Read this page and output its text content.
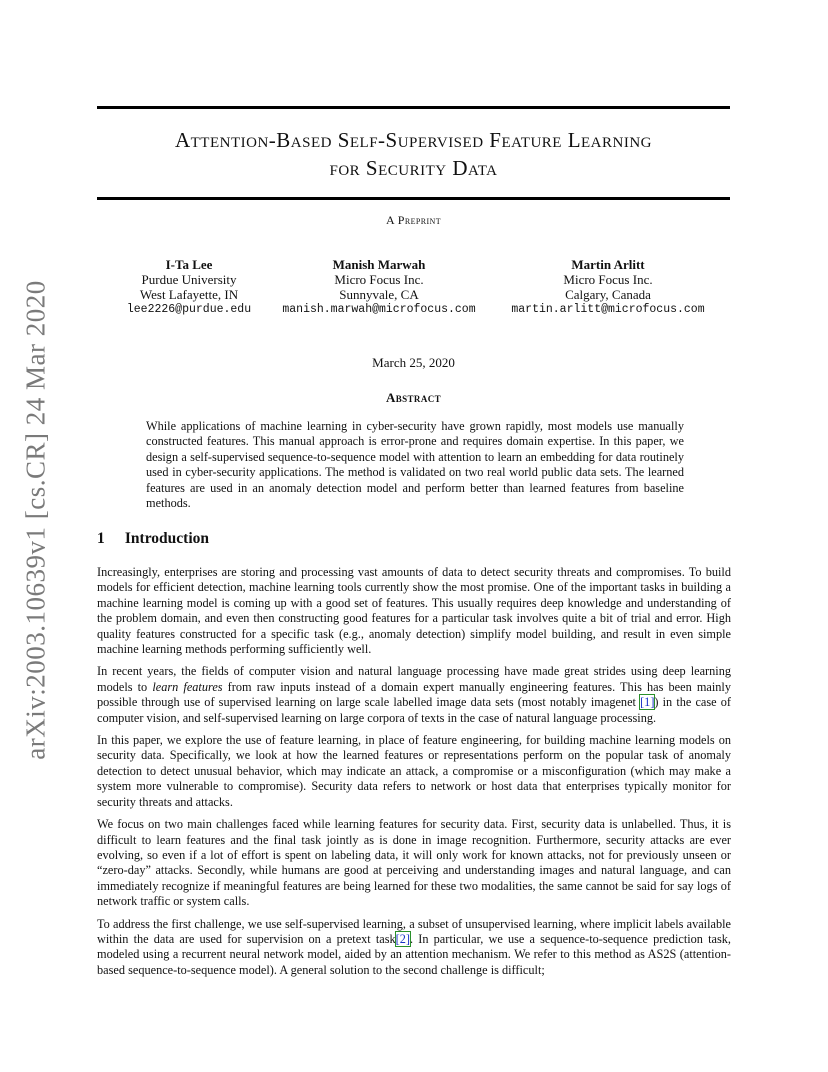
arXiv:2003.10639v1 [cs.CR] 24 Mar 2020
Attention-Based Self-Supervised Feature Learning
for Security Data
A Preprint
I-Ta Lee
Purdue University
West Lafayette, IN
lee2226@purdue.edu
Manish Marwah
Micro Focus Inc.
Sunnyvale, CA
manish.marwah@microfocus.com
Martin Arlitt
Micro Focus Inc.
Calgary, Canada
martin.arlitt@microfocus.com
March 25, 2020
Abstract
While applications of machine learning in cyber-security have grown rapidly, most models use manually constructed features. This manual approach is error-prone and requires domain expertise. In this paper, we design a self-supervised sequence-to-sequence model with attention to learn an embedding for data routinely used in cyber-security applications. The method is validated on two real world public data sets. The learned features are used in an anomaly detection model and perform better than learned features from baseline methods.
1 Introduction

Increasingly, enterprises are storing and processing vast amounts of data to detect security threats and compromises. To build models for efficient detection, machine learning tools currently show the most promise. One of the important tasks in building a machine learning model is coming up with a good set of features. This usually requires deep knowledge and understanding of the problem domain, and even then constructing good features for a particular task involves quite a bit of trial and error. High quality features constructed for a specific task (e.g., anomaly detection) simplify model building, and result in even simple machine learning methods performing sufficiently well.

In recent years, the fields of computer vision and natural language processing have made great strides using deep learning models to learn features from raw inputs instead of a domain expert manually engineering features. This has been mainly possible through use of supervised learning on large scale labelled image data sets (most notably imagenet [1]) in the case of computer vision, and self-supervised learning on large corpora of texts in the case of natural language processing.

In this paper, we explore the use of feature learning, in place of feature engineering, for building machine learning models on security data. Specifically, we look at how the learned features or representations perform on the popular task of anomaly detection to detect unusual behavior, which may indicate an attack, a compromise or a misconfiguration (which may make a system more vulnerable to compromise). Security data refers to network or host data that enterprises typically monitor for security threats and attacks.

We focus on two main challenges faced while learning features for security data. First, security data is unlabelled. Thus, it is difficult to learn features and the final task jointly as is done in image recognition. Furthermore, security attacks are ever evolving, so even if a lot of effort is spent on labeling data, it will only work for known attacks, not for previously unseen or “zero-day” attacks. Secondly, while humans are good at perceiving and understanding images and natural language, and can immediately recognize if meaningful features are being learned for these two modalities, the same cannot be said for say logs of network traffic or system calls.

To address the first challenge, we use self-supervised learning, a subset of unsupervised learning, where implicit labels available within the data are used for supervision on a pretext task[2]. In particular, we use a sequence-to-sequence prediction task, modeled using a recurrent neural network model, aided by an attention mechanism. We refer to this method as AS2S (attention-based sequence-to-sequence model). A general solution to the second challenge is difficult;
